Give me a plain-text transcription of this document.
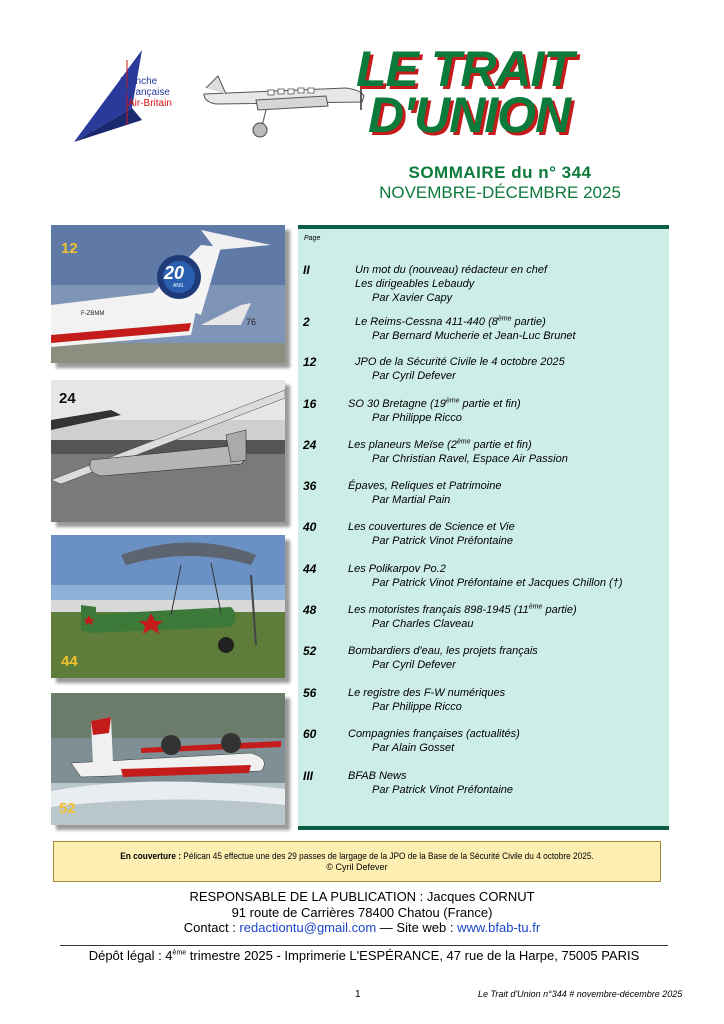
Branche
Française
Air-Britain
LE TRAIT
D'UNION
SOMMAIRE du n° 344
NOVEMBRE-DÉCEMBRE 2025
12
20
ANS
F-ZBMM
76
24
44
52
Page
II	Un mot du (nouveau) rédacteur en chef
Les dirigeables Lebaudy
Par Xavier Capy
2	Le Reims-Cessna 411-440 (8ème partie)
Par Bernard Mucherie et Jean-Luc Brunet
12	JPO de la Sécurité Civile le 4 octobre 2025
Par Cyril Defever
16	SO 30 Bretagne (19ème partie et fin)
Par Philippe Ricco
24	Les planeurs Meïse (2ème partie et fin)
Par Christian Ravel, Espace Air Passion
36	Épaves, Reliques et Patrimoine
Par Martial Pain
40	Les couvertures de Science et Vie
Par Patrick Vinot Préfontaine
44	Les Polikarpov Po.2
Par Patrick Vinot Préfontaine et Jacques Chillon (†)
48	Les motoristes français 898-1945 (11ème partie)
Par Charles Claveau
52	Bombardiers d'eau, les projets français
Par Cyril Defever
56	Le registre des F-W numériques
Par Philippe Ricco
60	Compagnies françaises (actualités)
Par Alain Gosset
III	BFAB News
Par Patrick Vinot Préfontaine
En couverture : Pélican 45 effectue une des 29 passes de largage de la JPO de la Base de la Sécurité Civile du 4 octobre 2025.
© Cyril Defever
RESPONSABLE DE LA PUBLICATION : Jacques CORNUT
91 route de Carrières 78400 Chatou (France)
Contact : redactiontu@gmail.com — Site web : www.bfab-tu.fr
Dépôt légal : 4ème trimestre 2025 - Imprimerie L'ESPÉRANCE, 47 rue de la Harpe, 75005 PARIS
1	Le Trait d'Union n°344 # novembre-décembre 2025
